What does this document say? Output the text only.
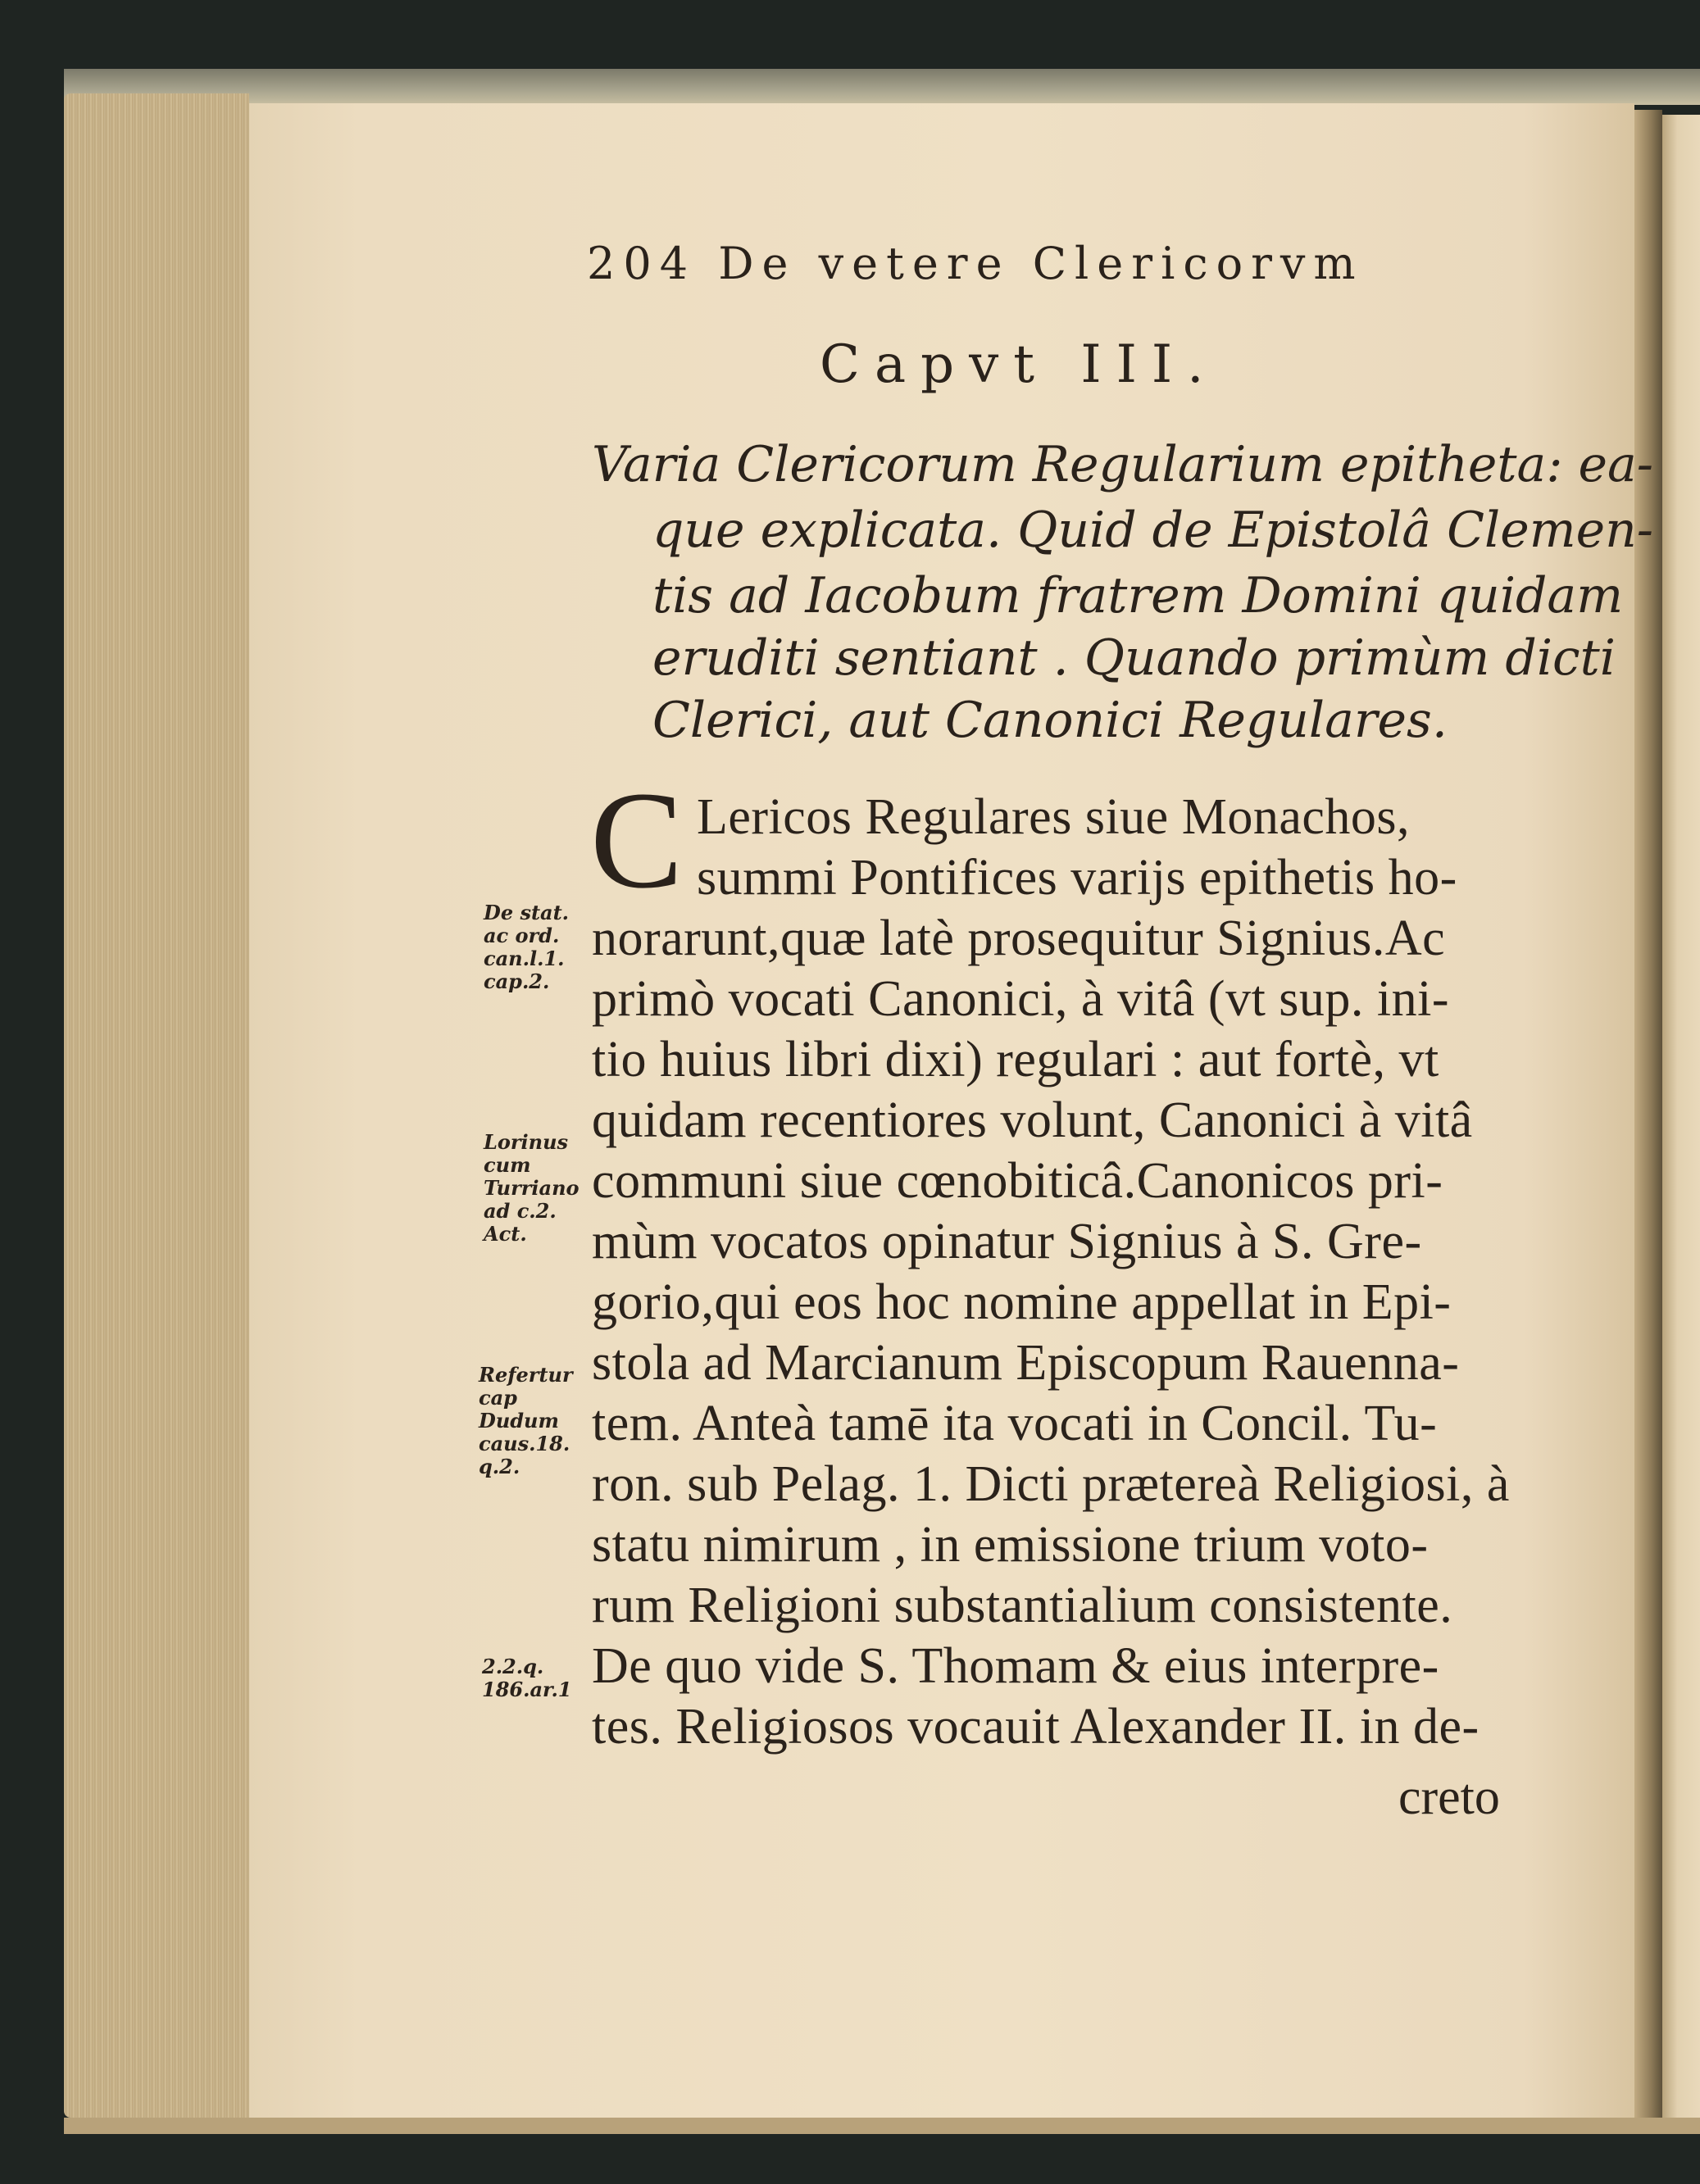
204 De vetere Clericorvm
Capvt III.
Varia Clericorum Regularium epitheta: ea-
que explicata. Quid de Epistolâ Clemen-
tis ad Iacobum fratrem Domini quidam
eruditi sentiant . Quando primùm dicti
Clerici, aut Canonici Regulares.
C Lericos Regulares siue Monachos,
summi Pontifices varijs epithetis ho-
norarunt,quæ latè prosequitur Signius.Ac
primò vocati Canonici, à vitâ (vt sup. ini-
tio huius libri dixi) regulari : aut fortè, vt
quidam recentiores volunt, Canonici à vitâ
communi siue cœnobiticâ.Canonicos pri-
mùm vocatos opinatur Signius à S. Gre-
gorio,qui eos hoc nomine appellat in Epi-
stola ad Marcianum Episcopum Rauenna-
tem. Anteà tamē ita vocati in Concil. Tu-
ron. sub Pelag. 1. Dicti prætereà Religiosi, à
statu nimirum , in emissione trium voto-
rum Religioni substantialium consistente.
De quo vide S. Thomam & eius interpre-
tes. Religiosos vocauit Alexander II. in de-
creto
De stat.
ac ord.
can.l.1.
cap.2.
Lorinus
cum
Turriano
ad c.2.
Act.
Refertur
cap
Dudum
caus.18.
q.2.
2.2.q.
186.ar.1
